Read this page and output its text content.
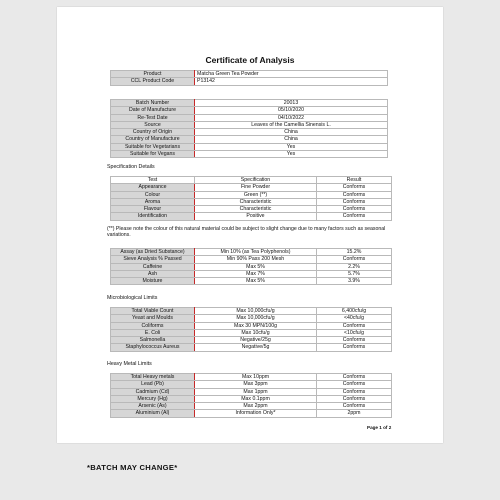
Certificate of Analysis
Product	Matcha Green Tea Powder
CCL Product Code	P13142
Batch Number	20013
Date of Manufacture	05/10/2020
Re-Test Date	04/10/2022
Source	Leaves of the Camellia Sinensis L.
Country of Origin	China
Country of Manufacture	China
Suitable for Vegetarians	Yes
Suitable for Vegans	Yes
Specification Details
Test	Specification	Result
Appearance	Fine Powder	Conforms
Colour	Green (**)	Conforms
Aroma	Characteristic	Conforms
Flavour	Characteristic	Conforms
Identification	Positive	Conforms
(**) Please note the colour of this natural material could be subject to slight change due to many factors such as seasonal variations.
Assay (as Dried Substance)	Min 10% (as Tea Polyphenols)	15.2%
Sieve Analysis % Passed	Min 90% Pass 200 Mesh	Conforms
Caffeine	Max 5%	2.2%
Ash	Max 7%	5.7%
Moisture	Max 5%	3.9%
Microbiological Limits
Total Viable Count	Max 10,000cfu/g	6,400cfu/g
Yeast and Moulds	Max 10,000cfu/g	<40cfu/g
Coliforms	Max 30 MPN/100g	Conforms
E. Coli	Max 10cfu/g	<10cfu/g
Salmonella	Negative/25g	Conforms
Staphylococcus Aureus	Negative/5g	Conforms
Heavy Metal Limits
Total Heavy metals	Max 10ppm	Conforms
Lead (Pb)	Max 3ppm	Conforms
Cadmium (Cd)	Max 1ppm	Conforms
Mercury (Hg)	Max 0.1ppm	Conforms
Arsenic (As)	Max 2ppm	Conforms
Aluminium (Al)	Information Only*	2ppm
Page 1 of 2
*BATCH MAY CHANGE*
